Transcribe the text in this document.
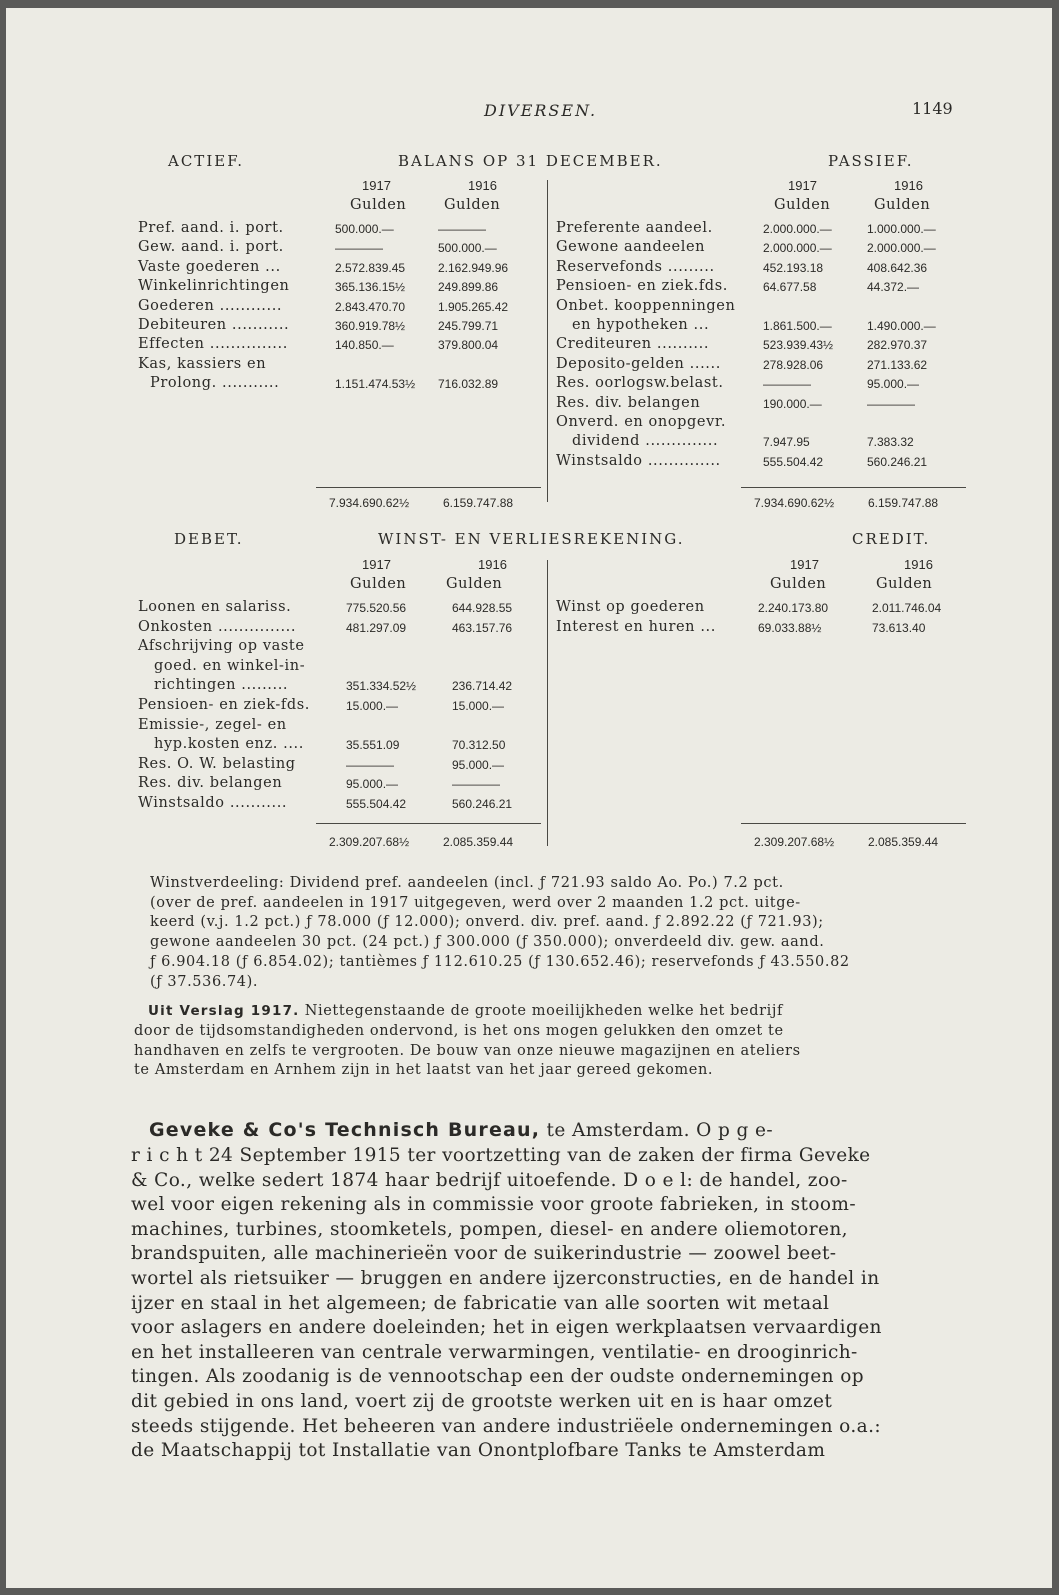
DIVERSEN.	1149
ACTIEF.	BALANS OP 31 DECEMBER.	PASSIEF.
1917	1916
Gulden	Gulden
1917	1916
Gulden	Gulden
Pref. aand. i. port.	500.000.—	————
Gew. aand. i. port.	————	500.000.—
Vaste goederen ...	2.572.839.45	2.162.949.96
Winkelinrichtingen	365.136.15½	249.899.86
Goederen ............	2.843.470.70	1.905.265.42
Debiteuren ...........	360.919.78½	245.799.71
Effecten ...............	140.850.—	379.800.04
Kas, kassiers en
Prolong. ...........	1.151.474.53½ 716.032.89
Preferente aandeel.	2.000.000.—	1.000.000.—
Gewone aandeelen	2.000.000.—	2.000.000.—
Reservefonds .........	452.193.18	408.642.36
Pensioen- en ziek.fds.	64.677.58	44.372.—
Onbet. kooppenningen
en hypotheken ...	1.861.500.—	1.490.000.—
Crediteuren ..........	523.939.43½	282.970.37
Deposito-gelden ......	278.928.06	271.133.62
Res. oorlogsw.belast.	————	95.000.—
Res. div. belangen	190.000.—	————
Onverd. en onopgevr.
dividend ..............	7.947.95	7.383.32
Winstsaldo ..............	555.504.42	560.246.21
7.934.690.62½	6.159.747.88	7.934.690.62½	6.159.747.88
DEBET.	WINST- EN VERLIESREKENING.	CREDIT.
1917	1916
Gulden	Gulden
1917	1916
Gulden	Gulden
Loonen en salariss.	775.520.56	644.928.55
Onkosten ...............	481.297.09	463.157.76
Afschrijving op vaste
goed. en winkel-in-
richtingen .........	351.334.52½	236.714.42
Pensioen- en ziek-fds.	15.000.—	15.000.—
Emissie-, zegel- en
hyp.kosten enz. ....	35.551.09	70.312.50
Res. O. W. belasting	————	95.000.—
Res. div. belangen	95.000.—	————
Winstsaldo ...........	555.504.42	560.246.21
Winst op goederen	2.240.173.80	2.011.746.04
Interest en huren ...	69.033.88½	73.613.40
2.309.207.68½	2.085.359.44	2.309.207.68½	2.085.359.44
Winstverdeeling: Dividend pref. aandeelen (incl. ƒ 721.93 saldo Ao. Po.) 7.2 pct.
(over de pref. aandeelen in 1917 uitgegeven, werd over 2 maanden 1.2 pct. uitge-
keerd (v.j. 1.2 pct.) ƒ 78.000 (ƒ 12.000); onverd. div. pref. aand. ƒ 2.892.22 (ƒ 721.93);
gewone aandeelen 30 pct. (24 pct.) ƒ 300.000 (ƒ 350.000); onverdeeld div. gew. aand.
ƒ 6.904.18 (ƒ 6.854.02); tantièmes ƒ 112.610.25 (ƒ 130.652.46); reservefonds ƒ 43.550.82
(ƒ 37.536.74).
Uit Verslag 1917. Niettegenstaande de groote moeilijkheden welke het bedrijf
door de tijdsomstandigheden ondervond, is het ons mogen gelukken den omzet te
handhaven en zelfs te vergrooten. De bouw van onze nieuwe magazijnen en ateliers
te Amsterdam en Arnhem zijn in het laatst van het jaar gereed gekomen.
Geveke & Co's Technisch Bureau, te Amsterdam. O p g e-
r i c h t 24 September 1915 ter voortzetting van de zaken der firma Geveke
& Co., welke sedert 1874 haar bedrijf uitoefende. D o e l: de handel, zoo-
wel voor eigen rekening als in commissie voor groote fabrieken, in stoom-
machines, turbines, stoomketels, pompen, diesel- en andere oliemotoren,
brandspuiten, alle machinerieën voor de suikerindustrie — zoowel beet-
wortel als rietsuiker — bruggen en andere ijzerconstructies, en de handel in
ijzer en staal in het algemeen; de fabricatie van alle soorten wit metaal
voor aslagers en andere doeleinden; het in eigen werkplaatsen vervaardigen
en het installeeren van centrale verwarmingen, ventilatie- en drooginrich-
tingen. Als zoodanig is de vennootschap een der oudste ondernemingen op
dit gebied in ons land, voert zij de grootste werken uit en is haar omzet
steeds stijgende. Het beheeren van andere industriëele ondernemingen o.a.:
de Maatschappij tot Installatie van Onontplofbare Tanks te Amsterdam
